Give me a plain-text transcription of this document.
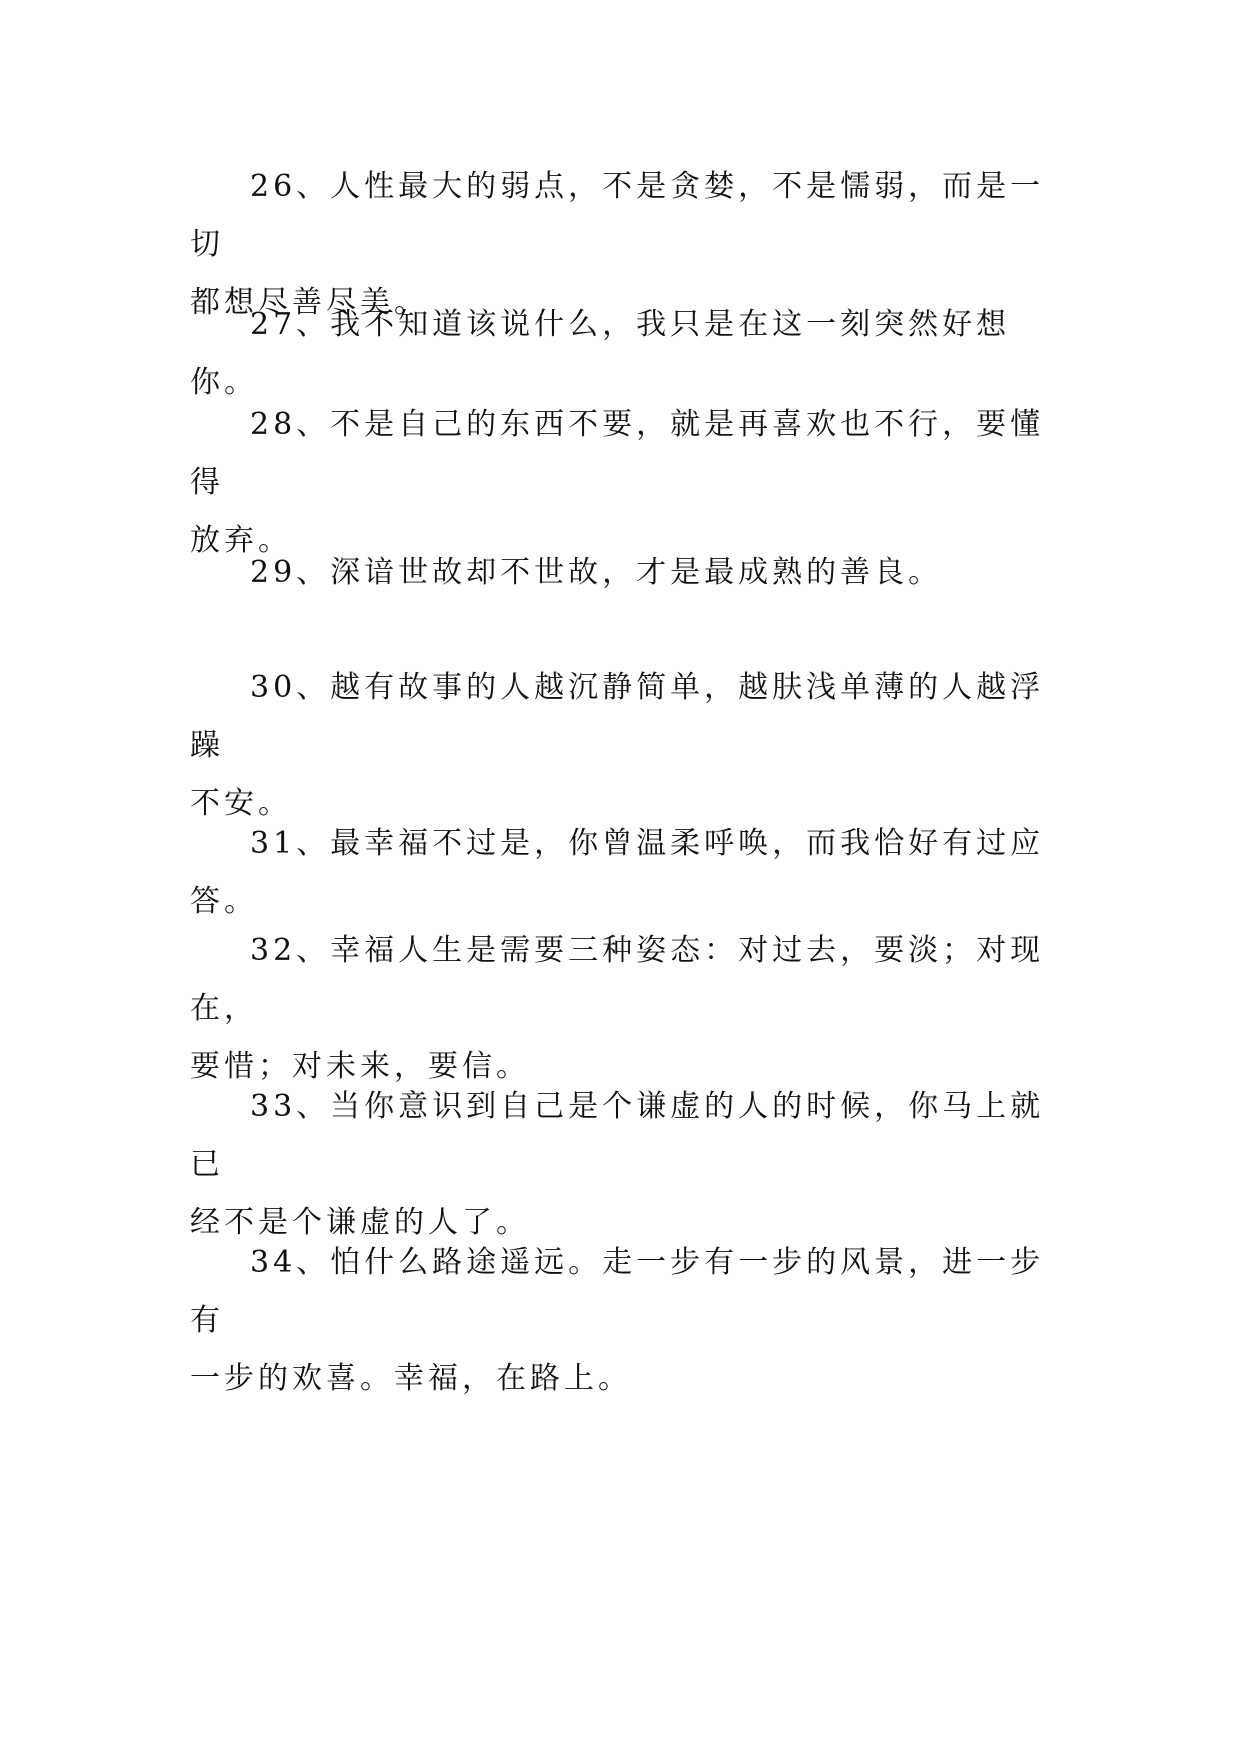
26、人性最大的弱点，不是贪婪，不是懦弱，而是一切
都想尽善尽美。

27、我不知道该说什么，我只是在这一刻突然好想你。

28、不是自己的东西不要，就是再喜欢也不行，要懂得
放弃。

29、深谙世故却不世故，才是最成熟的善良。

30、越有故事的人越沉静简单，越肤浅单薄的人越浮躁
不安。

31、最幸福不过是，你曾温柔呼唤，而我恰好有过应答。

32、幸福人生是需要三种姿态：对过去，要淡；对现在，
要惜；对未来，要信。

33、当你意识到自己是个谦虚的人的时候，你马上就已
经不是个谦虚的人了。

34、怕什么路途遥远。走一步有一步的风景，进一步有
一步的欢喜。幸福，在路上。
